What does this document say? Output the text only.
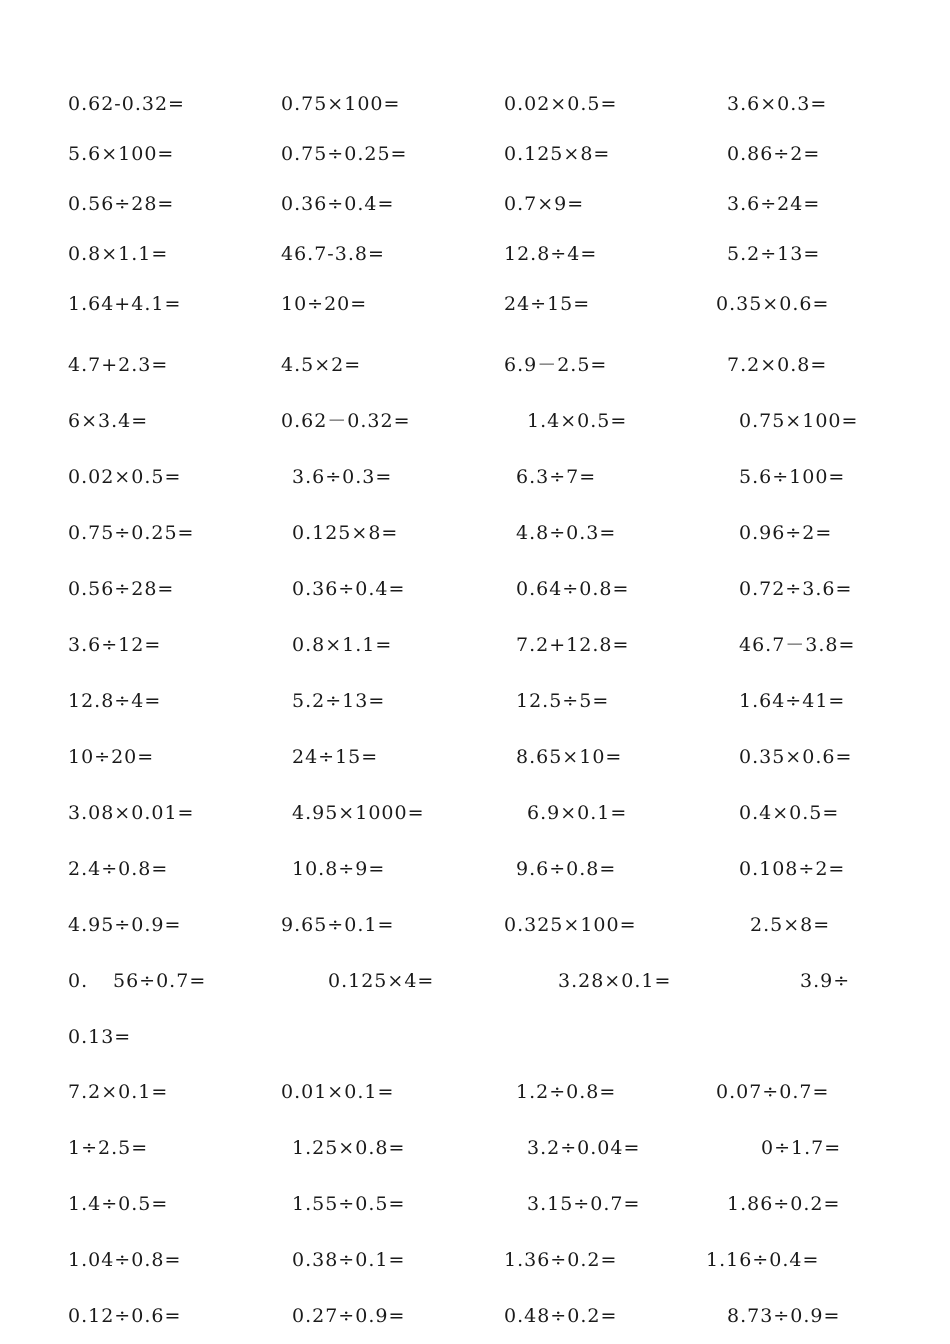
0.62-0.32=	0.75×100=	0.02×0.5=	3.6×0.3=
5.6×100=	0.75÷0.25=	0.125×8=	0.86÷2=
0.56÷28=	0.36÷0.4=	0.7×9=	3.6÷24=
0.8×1.1=	46.7-3.8=	12.8÷4=	5.2÷13=
1.64+4.1=	10÷20=	24÷15=	0.35×0.6=
4.7+2.3=	4.5×2=	6.9－2.5=	7.2×0.8=
6×3.4=	0.62－0.32=	1.4×0.5=	0.75×100=
0.02×0.5=	3.6÷0.3=	6.3÷7=	5.6÷100=
0.75÷0.25=	0.125×8=	4.8÷0.3=	0.96÷2=
0.56÷28=	0.36÷0.4=	0.64÷0.8=	0.72÷3.6=
3.6÷12=	0.8×1.1=	7.2+12.8=	46.7－3.8=
12.8÷4=	5.2÷13=	12.5÷5=	1.64÷41=
10÷20=	24÷15=	8.65×10=	0.35×0.6=
3.08×0.01=	4.95×1000=	6.9×0.1=	0.4×0.5=
2.4÷0.8=	10.8÷9=	9.6÷0.8=	0.108÷2=
4.95÷0.9=	9.65÷0.1=	0.325×100=	2.5×8=
0. 56÷0.7=	0.125×4=	3.28×0.1=	3.9÷
0.13=
7.2×0.1=	0.01×0.1=	1.2÷0.8=	0.07÷0.7=
1÷2.5=	1.25×0.8=	3.2÷0.04=	0÷1.7=
1.4÷0.5=	1.55÷0.5=	3.15÷0.7=	1.86÷0.2=
1.04÷0.8=	0.38÷0.1=	1.36÷0.2=	1.16÷0.4=
0.12÷0.6=	0.27÷0.9=	0.48÷0.2=	8.73÷0.9=
